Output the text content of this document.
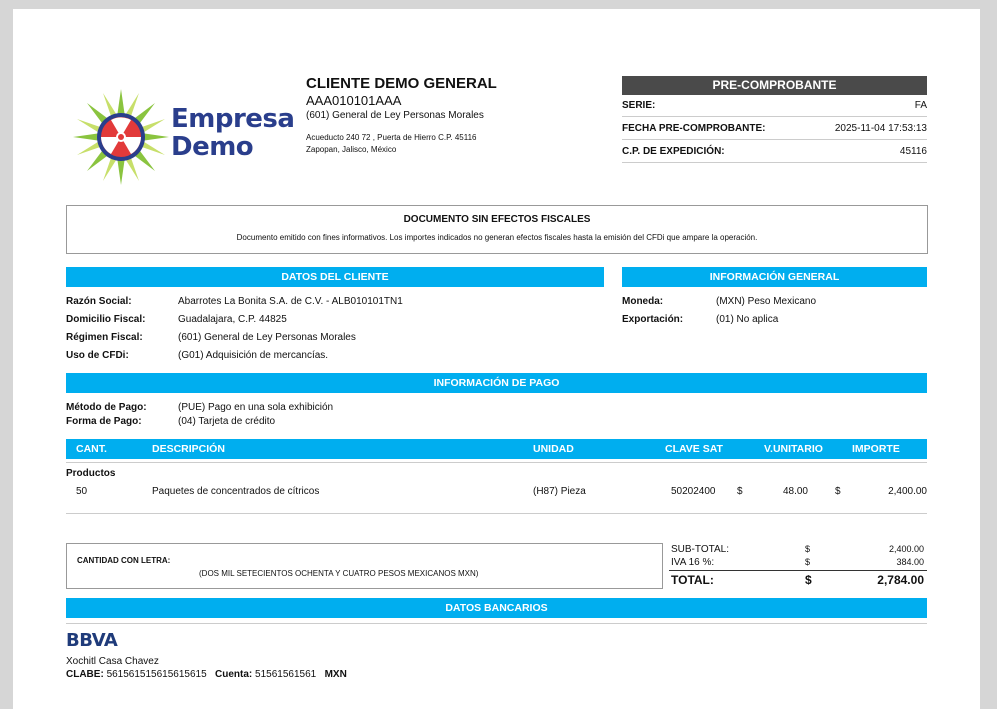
Empresa
Demo
CLIENTE DEMO GENERAL
AAA010101AAA
(601) General de Ley Personas Morales
Acueducto 240 72 , Puerta de Hierro C.P. 45116
Zapopan, Jalisco, México
PRE-COMPROBANTE
SERIE:	FA
FECHA PRE-COMPROBANTE:	2025-11-04 17:53:13
C.P. DE EXPEDICIÓN:	45116
DOCUMENTO SIN EFECTOS FISCALES
Documento emitido con fines informativos. Los importes indicados no generan efectos fiscales hasta la emisión del CFDi que ampare la operación.
DATOS DEL CLIENTE
Razón Social:	Abarrotes La Bonita S.A. de C.V. - ALB010101TN1
Domicilio Fiscal:	Guadalajara, C.P. 44825
Régimen Fiscal:	(601) General de Ley Personas Morales
Uso de CFDi:	(G01) Adquisición de mercancías.
INFORMACIÓN GENERAL
Moneda:	(MXN) Peso Mexicano
Exportación:	(01) No aplica
INFORMACIÓN DE PAGO
Método de Pago:	(PUE) Pago en una sola exhibición
Forma de Pago:	(04) Tarjeta de crédito
CANT.	DESCRIPCIÓN	UNIDAD	CLAVE SAT	V.UNITARIO	IMPORTE
Productos
50	Paquetes de concentrados de cítricos	(H87) Pieza	50202400 $	48.00	$	2,400.00
CANTIDAD CON LETRA:
(DOS MIL SETECIENTOS OCHENTA Y CUATRO PESOS MEXICANOS MXN)
SUB-TOTAL:	$	2,400.00
IVA 16 %:	$	384.00
TOTAL:	$	2,784.00
DATOS BANCARIOS
BBVA
Xochitl Casa Chavez
CLABE: 561561515615615615 Cuenta: 51561561561 MXN
